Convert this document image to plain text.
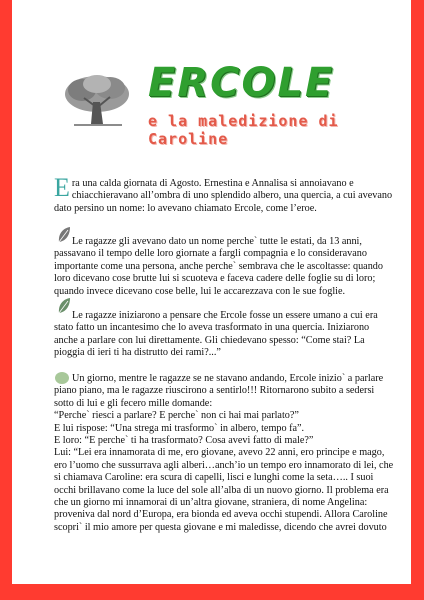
ERCOLE
e la maledizione di Caroline
Era una calda giornata di Agosto. Ernestina e Annalisa si annoiavano e chiacchieravano all’ombra di uno splendido albero, una quercia, a cui avevano dato persino un nome: lo avevano chiamato Ercole, come l’eroe.

Le ragazze gli avevano dato un nome perche` tutte le estati, da 13 anni, passavano il tempo delle loro giornate a fargli compagnia e lo consideravano importante come una persona, anche perche` sembrava che le ascoltasse: quando loro dicevano cose brutte lui si scuoteva e faceva cadere delle foglie su di loro; quando invece dicevano cose belle, lui le accarezzava con le sue foglie.

Le ragazze iniziarono a pensare che Ercole fosse un essere umano a cui era stato fatto un incantesimo che lo aveva trasformato in una quercia. Iniziarono anche a parlare con lui direttamente. Gli chiedevano spesso: “Come stai? La pioggia di ieri ti ha distrutto dei rami?...”

Un giorno, mentre le ragazze se ne stavano andando, Ercole inizio` a parlare piano piano, ma le ragazze riuscirono a sentirlo!!! Ritornarono subito a sedersi sotto di lui e gli fecero mille domande:

“Perche` riesci a parlare? E perche` non ci hai mai parlato?”

E lui rispose: “Una strega mi trasformo` in albero, tempo fa”.

E loro: “E perche` ti ha trasformato? Cosa avevi fatto di male?”

Lui: “Lei era innamorata di me, ero giovane, avevo 22 anni, ero principe e mago, ero l’uomo che sussurrava agli alberi…anch’io un tempo ero innamorato di lei, che si chiamava Caroline: era scura di capelli, lisci e lunghi come la seta….. I suoi occhi brillavano come la luce del sole all’alba di un nuovo giorno. Il problema era che un giorno mi innamorai di un’altra giovane, straniera, di nome Angelina: proveniva dal nord d’Europa, era bionda ed aveva occhi stupendi. Allora Caroline scopri` il mio amore per questa giovane e mi maledisse, dicendo che avrei dovuto
